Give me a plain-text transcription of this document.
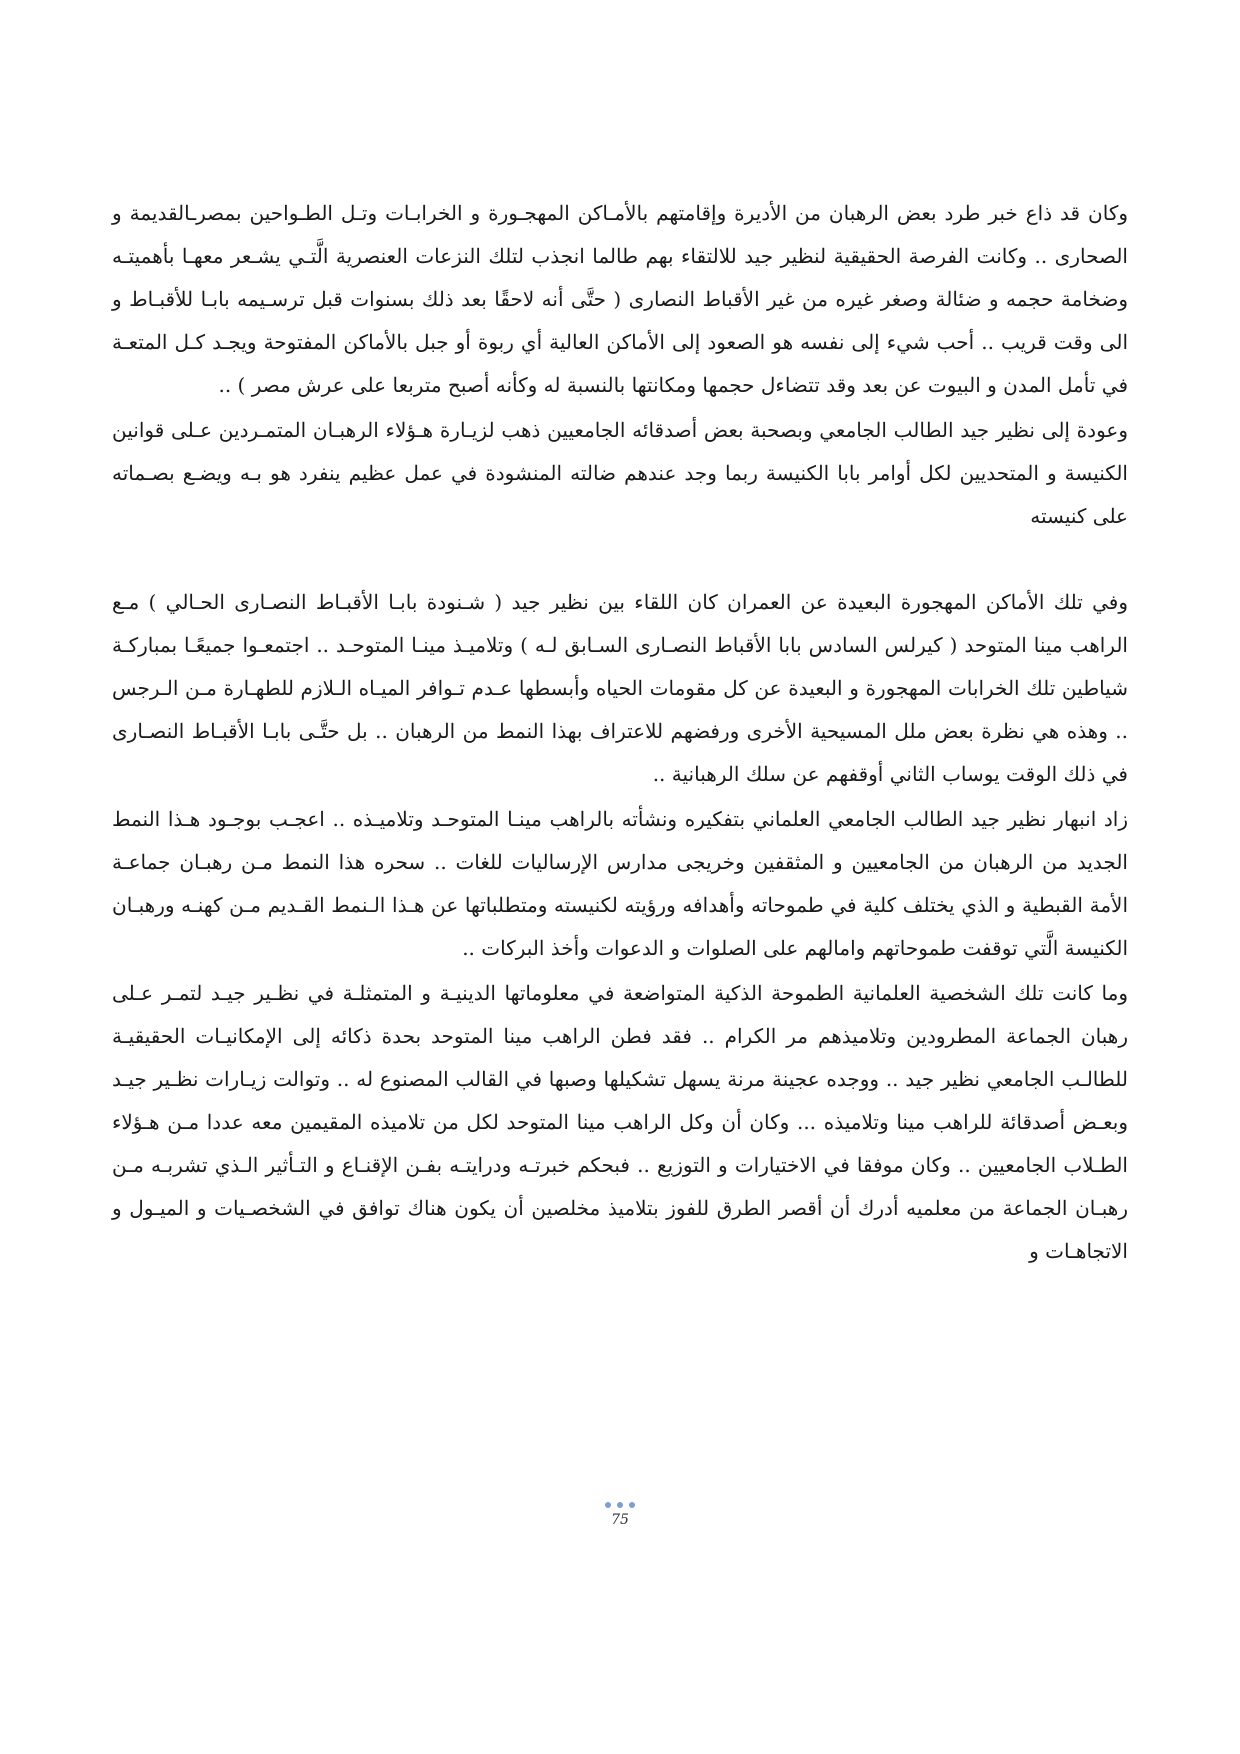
وكان قد ذاع خبر طرد بعض الرهبان من الأديرة وإقامتهم بالأمـاكن المهجـورة و الخرابـات وتـل الطـواحين بمصرـالقديمة و الصحارى .. وكانت الفرصة الحقيقية لنظير جيد للالتقاء بهم طالما انجذب لتلك النزعات العنصرية الَّتـي يشـعر معهـا بأهميتـه وضخامة حجمه و ضئالة وصغر غيره من غير الأقباط النصارى ( حتَّى أنه لاحقًا بعد ذلك بسنوات قبل ترسـيمه بابـا للأقبـاط و الى وقت قريب .. أحب شيء إلى نفسه هو الصعود إلى الأماكن العالية أي ربوة أو جبل بالأماكن المفتوحة ويجـد كـل المتعـة في تأمل المدن و البيوت عن بعد وقد تتضاءل حجمها ومكانتها بالنسبة له وكأنه أصبح متربعا على عرش مصر ) ..

وعودة إلى نظير جيد الطالب الجامعي وبصحبة بعض أصدقائه الجامعيين ذهب لزيـارة هـؤلاء الرهبـان المتمـردين عـلى قوانين الكنيسة و المتحديين لكل أوامر بابا الكنيسة ربما وجد عندهم ضالته المنشودة في عمل عظيم ينفرد هو بـه ويضـع بصـماته على كنيسته

وفي تلك الأماكن المهجورة البعيدة عن العمران كان اللقاء بين نظير جيد ( شـنودة بابـا الأقبـاط النصـارى الحـالي ) مـع الراهب مينا المتوحد ( كيرلس السادس بابا الأقباط النصـارى السـابق لـه ) وتلاميـذ مينـا المتوحـد .. اجتمعـوا جميعًـا بمباركـة شياطين تلك الخرابات المهجورة و البعيدة عن كل مقومات الحياه وأبسطها عـدم تـوافر الميـاه الـلازم للطهـارة مـن الـرجس .. وهذه هي نظرة بعض ملل المسيحية الأخرى ورفضهم للاعتراف بهذا النمط من الرهبان .. بل حتَّـى بابـا الأقبـاط النصـارى في ذلك الوقت يوساب الثاني أوقفهم عن سلك الرهبانية ..

زاد انبهار نظير جيد الطالب الجامعي العلماني بتفكيره ونشأته بالراهب مينـا المتوحـد وتلاميـذه .. اعجـب بوجـود هـذا النمط الجديد من الرهبان من الجامعيين و المثقفين وخريجى مدارس الإرساليات للغات .. سحره هذا النمط مـن رهبـان جماعـة الأمة القبطية و الذي يختلف كلية في طموحاته وأهدافه ورؤيته لكنيسته ومتطلباتها عن هـذا الـنمط القـديم مـن كهنـه ورهبـان الكنيسة الَّتي توقفت طموحاتهم وامالهم على الصلوات و الدعوات وأخذ البركات ..

وما كانت تلك الشخصية العلمانية الطموحة الذكية المتواضعة في معلوماتها الدينيـة و المتمثلـة في نظـير جيـد لتمـر عـلى رهبان الجماعة المطرودين وتلاميذهم مر الكرام .. فقد فطن الراهب مينا المتوحد بحدة ذكائه إلى الإمكانيـات الحقيقيـة للطالـب الجامعي نظير جيد .. ووجده عجينة مرنة يسهل تشكيلها وصبها في القالب المصنوع له .. وتوالت زيـارات نظـير جيـد وبعـض أصدقائة للراهب مينا وتلاميذه ... وكان أن وكل الراهب مينا المتوحد لكل من تلاميذه المقيمين معه عددا مـن هـؤلاء الطـلاب الجامعيين .. وكان موفقا في الاختيارات و التوزيع .. فبحكم خبرتـه ودرايتـه بفـن الإقنـاع و التـأثير الـذي تشربـه مـن رهبـان الجماعة من معلميه أدرك أن أقصر الطرق للفوز بتلاميذ مخلصين أن يكون هناك توافق في الشخصـيات و الميـول و الاتجاهـات و

75
